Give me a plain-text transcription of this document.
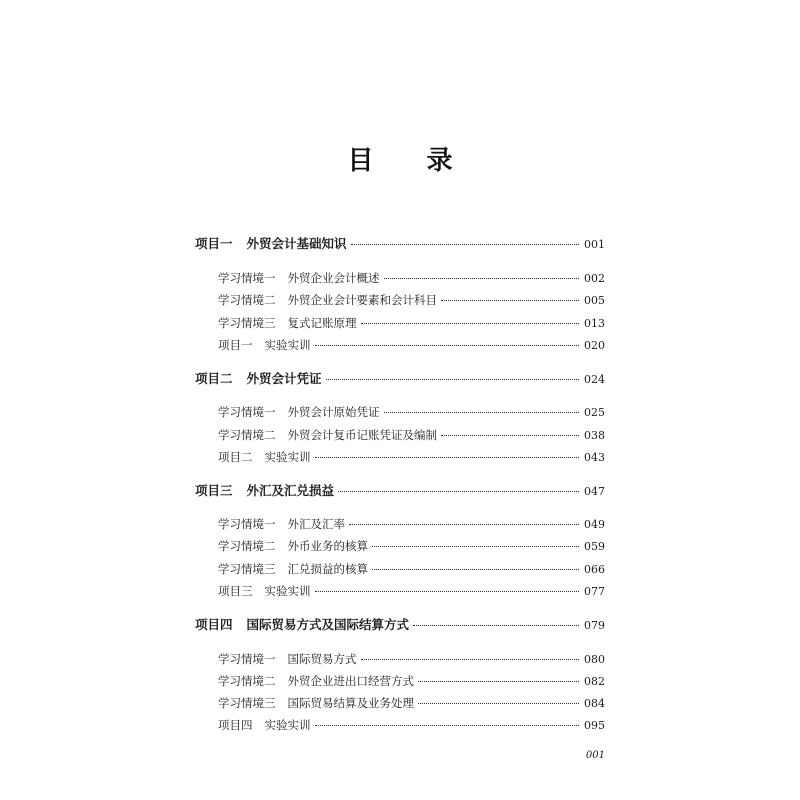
目 录
项目一 外贸会计基础知识	001
学习情境一 外贸企业会计概述	002
学习情境二 外贸企业会计要素和会计科目	005
学习情境三 复式记账原理	013
项目一 实验实训	020
项目二 外贸会计凭证	024
学习情境一 外贸会计原始凭证	025
学习情境二 外贸会计复币记账凭证及编制	038
项目二 实验实训	043
项目三 外汇及汇兑损益	047
学习情境一 外汇及汇率	049
学习情境二 外币业务的核算	059
学习情境三 汇兑损益的核算	066
项目三 实验实训	077
项目四 国际贸易方式及国际结算方式	079
学习情境一 国际贸易方式	080
学习情境二 外贸企业进出口经营方式	082
学习情境三 国际贸易结算及业务处理	084
项目四 实验实训	095
001
